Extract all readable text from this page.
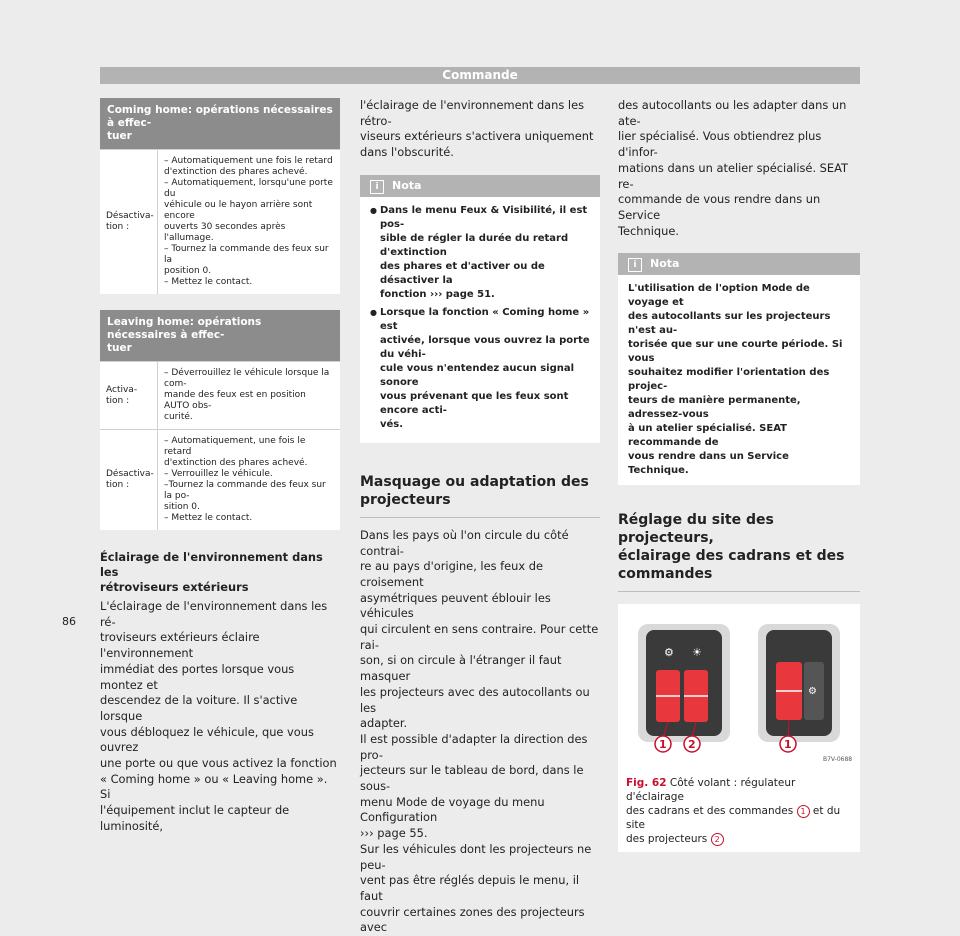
Commande
Coming home: opérations nécessaires à effec-
tuer
Désactiva-
tion :
– Automatiquement une fois le retard
d'extinction des phares achevé.
– Automatiquement, lorsqu'une porte du
véhicule ou le hayon arrière sont encore
ouverts 30 secondes après l'allumage.
– Tournez la commande des feux sur la
position 0.
– Mettez le contact.
Leaving home: opérations nécessaires à effec-
tuer
Activa-
tion :
– Déverrouillez le véhicule lorsque la com-
mande des feux est en position AUTO obs-
curité.
Désactiva-
tion :
– Automatiquement, une fois le retard
d'extinction des phares achevé.
– Verrouillez le véhicule.
–Tournez la commande des feux sur la po-
sition 0.
– Mettez le contact.
Éclairage de l'environnement dans les
rétroviseurs extérieurs

L'éclairage de l'environnement dans les ré-
troviseurs extérieurs éclaire l'environnement
immédiat des portes lorsque vous montez et
descendez de la voiture. Il s'active lorsque
vous débloquez le véhicule, que vous ouvrez
une porte ou que vous activez la fonction
« Coming home » ou « Leaving home ». Si
l'équipement inclut le capteur de luminosité,

l'éclairage de l'environnement dans les rétro-
viseurs extérieurs s'activera uniquement
dans l'obscurité.

i Nota
● Dans le menu Feux & Visibilité, il est pos-
sible de régler la durée du retard d'extinction
des phares et d'activer ou de désactiver la
fonction ››› page 51.
● Lorsque la fonction « Coming home » est
activée, lorsque vous ouvrez la porte du véhi-
cule vous n'entendez aucun signal sonore
vous prévenant que les feux sont encore acti-
vés.
Masquage ou adaptation des
projecteurs

Dans les pays où l'on circule du côté contrai-
re au pays d'origine, les feux de croisement
asymétriques peuvent éblouir les véhicules
qui circulent en sens contraire. Pour cette rai-
son, si on circule à l'étranger il faut masquer
les projecteurs avec des autocollants ou les
adapter.

Il est possible d'adapter la direction des pro-
jecteurs sur le tableau de bord, dans le sous-
menu Mode de voyage du menu Configuration
››› page 55.

Sur les véhicules dont les projecteurs ne peu-
vent pas être réglés depuis le menu, il faut
couvrir certaines zones des projecteurs avec

des autocollants ou les adapter dans un ate-
lier spécialisé. Vous obtiendrez plus d'infor-
mations dans un atelier spécialisé. SEAT re-
commande de vous rendre dans un Service
Technique.

i Nota
L'utilisation de l'option Mode de voyage et
des autocollants sur les projecteurs n'est au-
torisée que sur une courte période. Si vous
souhaitez modifier l'orientation des projec-
teurs de manière permanente, adressez-vous
à un atelier spécialisé. SEAT recommande de
vous rendre dans un Service Technique.
Réglage du site des projecteurs,
éclairage des cadrans et des
commandes
⚙ ☀
⚙
1 2	1
B7V-0688
Fig. 62 Côté volant : régulateur d'éclairage
des cadrans et des commandes 1 et du site
des projecteurs 2
86
